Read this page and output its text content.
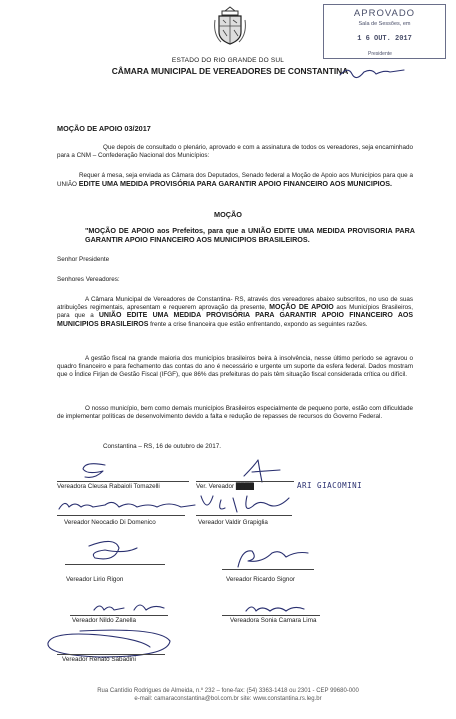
ESTADO DO RIO GRANDE DO SUL
CÂMARA MUNICIPAL DE VEREADORES DE CONSTANTINA
APROVADO
Sala de Sessões, em
1 6 OUT. 2017
Presidente
MOÇÃO DE APOIO 03/2017

Que depois de consultado o plenário, aprovado e com a assinatura de todos os vereadores, seja encaminhado para a CNM – Confederação Nacional dos Municípios:

Requer á mesa, seja enviada as Câmara dos Deputados, Senado federal a Moção de Apoio aos Municípios para que a UNIÃO EDITE UMA MEDIDA PROVISÓRIA PARA GARANTIR APOIO FINANCEIRO AOS MUNICIPIOS.

MOÇÃO

"MOÇÃO DE APOIO aos Prefeitos, para que a UNIÃO EDITE UMA MEDIDA PROVISORIA PARA GARANTIR APOIO FINANCEIRO AOS MUNICIPIOS BRASILEIROS.

Senhor Presidente

Senhores Vereadores:

A Câmara Municipal de Vereadores de Constantina- RS, através dos vereadores abaixo subscritos, no uso de suas atribuições regimentais, apresentam e requerem aprovação da presente, MOÇÃO DE APOIO aos Municípios Brasileiros, para que a UNIÃO EDITE UMA MEDIDA PROVISÓRIA PARA GARANTIR APOIO FINANCEIRO AOS MUNICIPIOS BRASILEIROS frente a crise financeira que estão enfrentando, expondo as seguintes razões.

A gestão fiscal na grande maioria dos municípios brasileiros beira à insolvência, nesse último período se agravou o quadro financeiro e para fechamento das contas do ano é necessário e urgente um suporte da esfera federal. Dados mostram que o Índice Firjan de Gestão Fiscal (IFGF), que 86% das prefeituras do país têm situação fiscal considerada crítica ou difícil.

O nosso município, bem como demais municípios Brasileiros especialmente de pequeno porte, estão com dificuldade de implementar políticas de desenvolvimento devido a falta e redução de repasses de recursos do Governo Federal.

Constantina – RS, 16 de outubro de 2017.

Vereadora Cleusa Rabaioli Tomazelli	Ver. Vereador ████	ARI GIACOMINI
Vereador Neocadio Di Domenico	Vereador Valdir Grapiglia
Vereador Lirio Rigon	Vereador Ricardo Signor
Vereador Nildo Zanella	Vereadora Sonia Camara Lima
Vereador Renato Sabadini
Rua Cantídio Rodrigues de Almeida, n.º 232 – fone-fax: (54) 3363-1418 ou 2301 - CEP 99680-000
e-mail: camaraconstantina@bol.com.br site: www.constantina.rs.leg.br
